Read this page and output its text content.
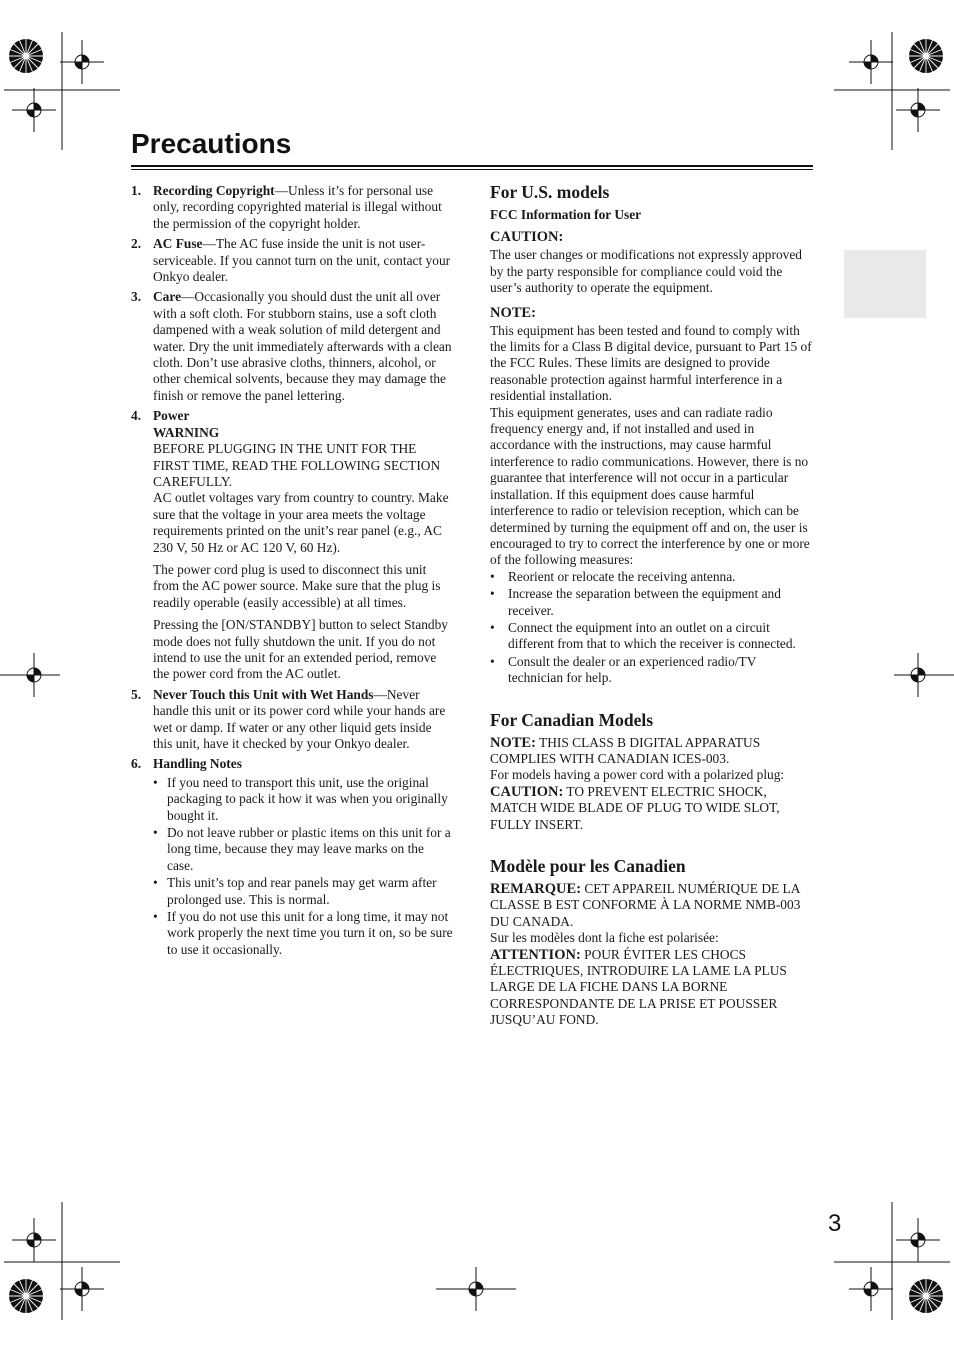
Precautions
1. Recording Copyright—Unless it’s for personal use only, recording copyrighted material is illegal without the permission of the copyright holder.

2. AC Fuse—The AC fuse inside the unit is not user-serviceable. If you cannot turn on the unit, contact your Onkyo dealer.

3. Care—Occasionally you should dust the unit all over with a soft cloth. For stubborn stains, use a soft cloth dampened with a weak solution of mild detergent and water. Dry the unit immediately afterwards with a clean cloth. Don’t use abrasive cloths, thinners, alcohol, or other chemical solvents, because they may damage the finish or remove the panel lettering.

4. Power

WARNING

BEFORE PLUGGING IN THE UNIT FOR THE FIRST TIME, READ THE FOLLOWING SECTION CAREFULLY.

AC outlet voltages vary from country to country. Make sure that the voltage in your area meets the voltage requirements printed on the unit’s rear panel (e.g., AC 230 V, 50 Hz or AC 120 V, 60 Hz).

The power cord plug is used to disconnect this unit from the AC power source. Make sure that the plug is readily operable (easily accessible) at all times.

Pressing the [ON/STANDBY] button to select Standby mode does not fully shutdown the unit. If you do not intend to use the unit for an extended period, remove the power cord from the AC outlet.

5. Never Touch this Unit with Wet Hands—Never handle this unit or its power cord while your hands are wet or damp. If water or any other liquid gets inside this unit, have it checked by your Onkyo dealer.

6. Handling Notes

• If you need to transport this unit, use the original packaging to pack it how it was when you originally bought it.
• Do not leave rubber or plastic items on this unit for a long time, because they may leave marks on the case.
• This unit’s top and rear panels may get warm after prolonged use. This is normal.
• If you do not use this unit for a long time, it may not work properly the next time you turn it on, so be sure to use it occasionally.
For U.S. models
FCC Information for User

CAUTION:

The user changes or modifications not expressly approved by the party responsible for compliance could void the user’s authority to operate the equipment.

NOTE:

This equipment has been tested and found to comply with the limits for a Class B digital device, pursuant to Part 15 of the FCC Rules. These limits are designed to provide reasonable protection against harmful interference in a residential installation.

This equipment generates, uses and can radiate radio frequency energy and, if not installed and used in accordance with the instructions, may cause harmful interference to radio communications. However, there is no guarantee that interference will not occur in a particular installation. If this equipment does cause harmful interference to radio or television reception, which can be determined by turning the equipment off and on, the user is encouraged to try to correct the interference by one or more of the following measures:

• Reorient or relocate the receiving antenna.
• Increase the separation between the equipment and receiver.
• Connect the equipment into an outlet on a circuit different from that to which the receiver is connected.
• Consult the dealer or an experienced radio/TV technician for help.
For Canadian Models

NOTE: THIS CLASS B DIGITAL APPARATUS COMPLIES WITH CANADIAN ICES-003.

For models having a power cord with a polarized plug:

CAUTION: TO PREVENT ELECTRIC SHOCK, MATCH WIDE BLADE OF PLUG TO WIDE SLOT, FULLY INSERT.

Modèle pour les Canadien

REMARQUE: CET APPAREIL NUMÉRIQUE DE LA CLASSE B EST CONFORME À LA NORME NMB-003 DU CANADA.

Sur les modèles dont la fiche est polarisée:

ATTENTION: POUR ÉVITER LES CHOCS ÉLECTRIQUES, INTRODUIRE LA LAME LA PLUS LARGE DE LA FICHE DANS LA BORNE CORRESPONDANTE DE LA PRISE ET POUSSER JUSQU’AU FOND.

3
